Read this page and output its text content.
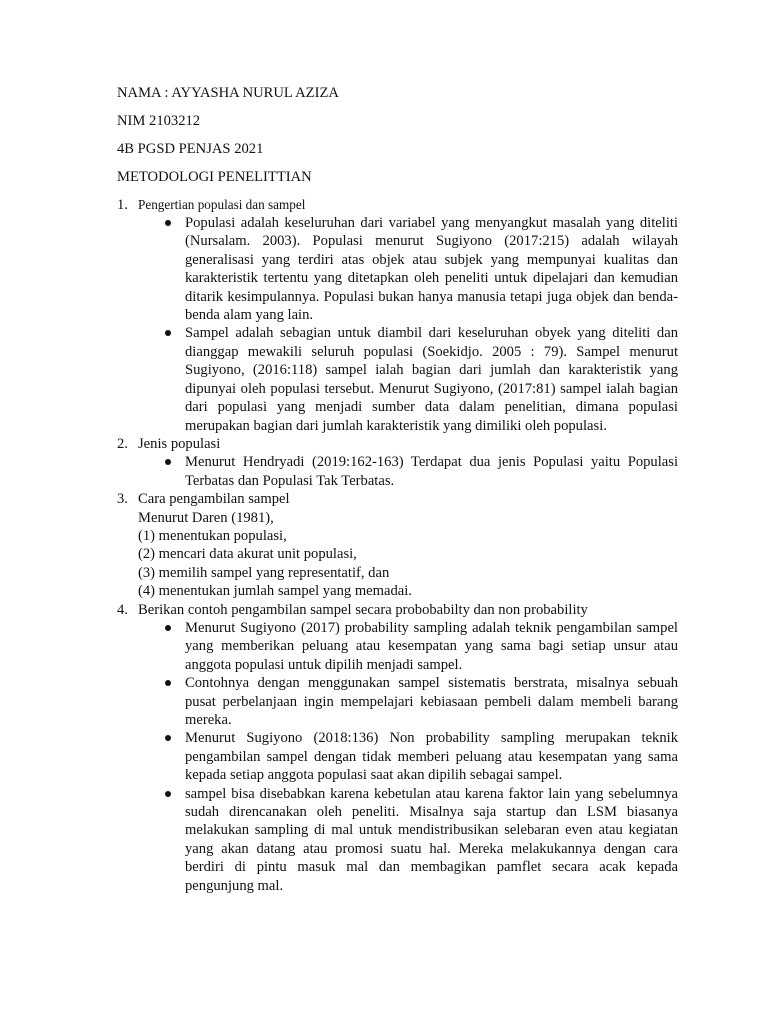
NAMA : AYYASHA NURUL AZIZA
NIM 2103212
4B PGSD PENJAS 2021
METODOLOGI PENELITTIAN
1. Pengertian populasi dan sampel
Populasi adalah keseluruhan dari variabel yang menyangkut masalah yang diteliti (Nursalam. 2003). Populasi menurut Sugiyono (2017:215) adalah wilayah generalisasi yang terdiri atas objek atau subjek yang mempunyai kualitas dan karakteristik tertentu yang ditetapkan oleh peneliti untuk dipelajari dan kemudian ditarik kesimpulannya. Populasi bukan hanya manusia tetapi juga objek dan benda-benda alam yang lain.
Sampel adalah sebagian untuk diambil dari keseluruhan obyek yang diteliti dan dianggap mewakili seluruh populasi (Soekidjo. 2005 : 79). Sampel menurut Sugiyono, (2016:118) sampel ialah bagian dari jumlah dan karakteristik yang dipunyai oleh populasi tersebut. Menurut Sugiyono, (2017:81) sampel ialah bagian dari populasi yang menjadi sumber data dalam penelitian, dimana populasi merupakan bagian dari jumlah karakteristik yang dimiliki oleh populasi.
2. Jenis populasi
Menurut Hendryadi (2019:162-163) Terdapat dua jenis Populasi yaitu Populasi Terbatas dan Populasi Tak Terbatas.
3. Cara pengambilan sampel
Menurut Daren (1981),
(1) menentukan populasi,
(2) mencari data akurat unit populasi,
(3) memilih sampel yang representatif, dan
(4) menentukan jumlah sampel yang memadai.
4. Berikan contoh pengambilan sampel secara probobabilty dan non probability
Menurut Sugiyono (2017) probability sampling adalah teknik pengambilan sampel yang memberikan peluang atau kesempatan yang sama bagi setiap unsur atau anggota populasi untuk dipilih menjadi sampel.
Contohnya dengan menggunakan sampel sistematis berstrata, misalnya sebuah pusat perbelanjaan ingin mempelajari kebiasaan pembeli dalam membeli barang mereka.
Menurut Sugiyono (2018:136) Non probability sampling merupakan teknik pengambilan sampel dengan tidak memberi peluang atau kesempatan yang sama kepada setiap anggota populasi saat akan dipilih sebagai sampel.
sampel bisa disebabkan karena kebetulan atau karena faktor lain yang sebelumnya sudah direncanakan oleh peneliti. Misalnya saja startup dan LSM biasanya melakukan sampling di mal untuk mendistribusikan selebaran even atau kegiatan yang akan datang atau promosi suatu hal. Mereka melakukannya dengan cara berdiri di pintu masuk mal dan membagikan pamflet secara acak kepada pengunjung mal.
